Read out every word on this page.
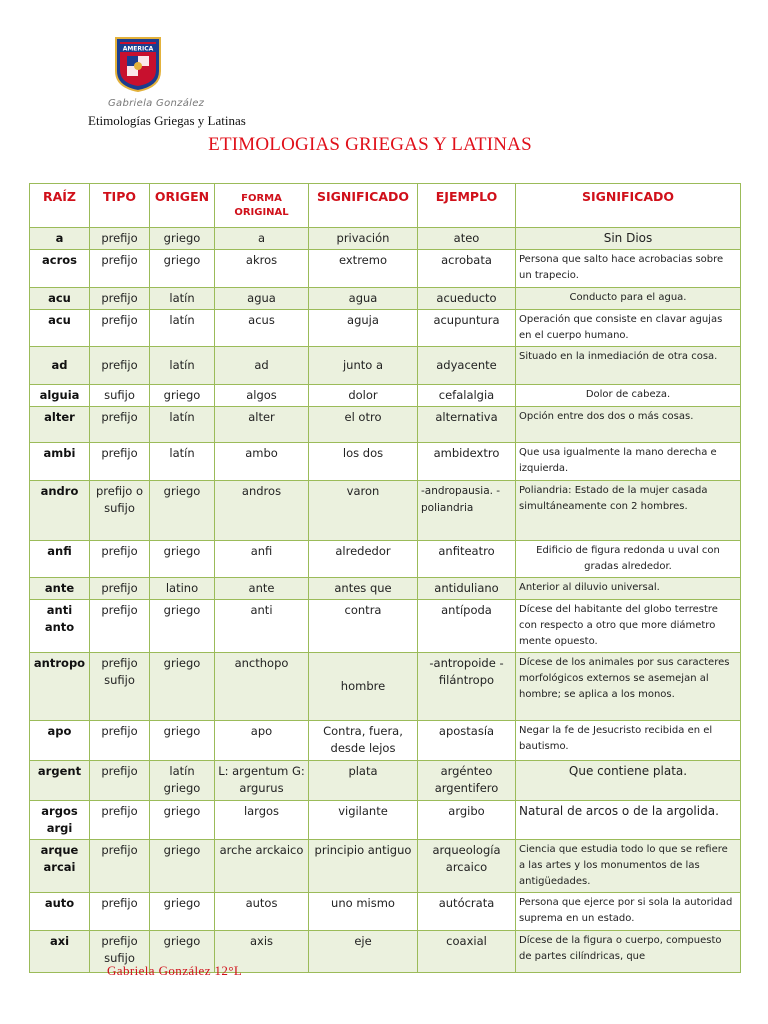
AMERICA
Gabriela González
Etimologías Griegas y Latinas
ETIMOLOGIAS GRIEGAS Y LATINAS
RAÍZ	TIPO	ORIGEN	FORMA ORIGINAL	SIGNIFICADO	EJEMPLO	SIGNIFICADO
a	prefijo	griego	a	privación	ateo	Sin Dios
acros	prefijo	griego	akros	extremo	acrobata	Persona que salto hace acrobacias sobre un trapecio.
acu	prefijo	latín	agua	agua	acueducto	Conducto para el agua.
acu	prefijo	latín	acus	aguja	acupuntura	Operación que consiste en clavar agujas en el cuerpo humano.
ad	prefijo	latín	ad	junto a	adyacente	Situado en la inmediación de otra cosa.
alguia	sufijo	griego	algos	dolor	cefalalgia	Dolor de cabeza.
alter	prefijo	latín	alter	el otro	alternativa	Opción entre dos dos o más cosas.
ambi	prefijo	latín	ambo	los dos	ambidextro	Que usa igualmente la mano derecha e izquierda.
andro	prefijo o sufijo	griego	andros	varon	-andropausia. -poliandria	Poliandria: Estado de la mujer casada simultáneamente con 2 hombres.
anfi	prefijo	griego	anfi	alrededor	anfiteatro	Edificio de figura redonda u uval con gradas alrededor.
ante	prefijo	latino	ante	antes que	antiduliano	Anterior al diluvio universal.
anti anto	prefijo	griego	anti	contra	antípoda	Dícese del habitante del globo terrestre con respecto a otro que more diámetro mente opuesto.
antropo	prefijo sufijo	griego	ancthopo	hombre	-antropoide -filántropo	Dícese de los animales por sus caracteres morfológicos externos se asemejan al hombre; se aplica a los monos.
apo	prefijo	griego	apo	Contra, fuera, desde lejos	apostasía	Negar la fe de Jesucristo recibida en el bautismo.
argent	prefijo	latín griego	L: argentum G: argurus	plata	argénteo argentifero	Que contiene plata.
argos argi	prefijo	griego	largos	vigilante	argibo	Natural de arcos o de la argolida.
arque arcai	prefijo	griego	arche arckaico	principio antiguo	arqueología arcaico	Ciencia que estudia todo lo que se refiere a las artes y los monumentos de las antigüedades.
auto	prefijo	griego	autos	uno mismo	autócrata	Persona que ejerce por si sola la autoridad suprema en un estado.
axi	prefijo sufijo	griego	axis	eje	coaxial	Dícese de la figura o cuerpo, compuesto de partes cilíndricas, que
Gabriela González 12°L
